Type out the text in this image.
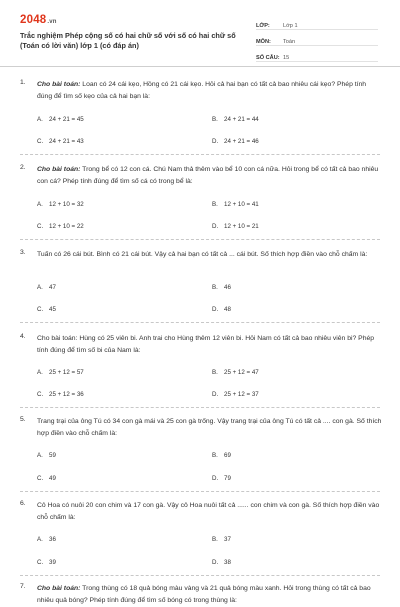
2048.vn
Trắc nghiệm Phép cộng số có hai chữ số với số có hai chữ số (Toán có lời văn) lớp 1 (có đáp án)
LỚP:	Lớp 1
MÔN:	Toán
SỐ CÂU: 15
1. Cho bài toán: Loan có 24 cái kẹo, Hồng có 21 cái kẹo. Hỏi cả hai bạn có tất cả bao nhiêu cái kẹo? Phép tính đúng để tìm số kẹo của cả hai bạn là:
A. 24 + 21 = 45	B. 24 + 21 = 44
C. 24 + 21 = 43	D. 24 + 21 = 46
2. Cho bài toán: Trong bể có 12 con cá. Chú Nam thả thêm vào bể 10 con cá nữa. Hỏi trong bể có tất cả bao nhiêu con cá? Phép tính đúng để tìm số cá có trong bể là:
A. 12 + 10 = 32	B. 12 + 10 = 41
C. 12 + 10 = 22	D. 12 + 10 = 21
3. Tuấn có 26 cái bút. Bình có 21 cái bút. Vậy cả hai bạn có tất cả ... cái bút. Số thích hợp điền vào chỗ chấm là:
A. 47	B. 46
C. 45	D. 48
4. Cho bài toán: Hùng có 25 viên bi. Anh trai cho Hùng thêm 12 viên bi. Hỏi Nam có tất cả bao nhiêu viên bi? Phép tính đúng để tìm số bi của Nam là:
A. 25 + 12 = 57	B. 25 + 12 = 47
C. 25 + 12 = 36	D. 25 + 12 = 37
5. Trang trại của ông Tú có 34 con gà mái và 25 con gà trống. Vậy trang trại của ông Tú có tất cả .... con gà. Số thích hợp điền vào chỗ chấm là:
A. 59	B. 69
C. 49	D. 79
6. Cô Hoa có nuôi 20 con chim và 17 con gà. Vậy cô Hoa nuôi tất cả ...... con chim và con gà. Số thích hợp điền vào chỗ chấm là:
A. 36	B. 37
C. 39	D. 38
7. Cho bài toán: Trong thùng có 18 quả bóng màu vàng và 21 quả bóng màu xanh. Hỏi trong thùng có tất cả bao nhiêu quả bóng? Phép tính đúng để tìm số bóng có trong thùng là:
